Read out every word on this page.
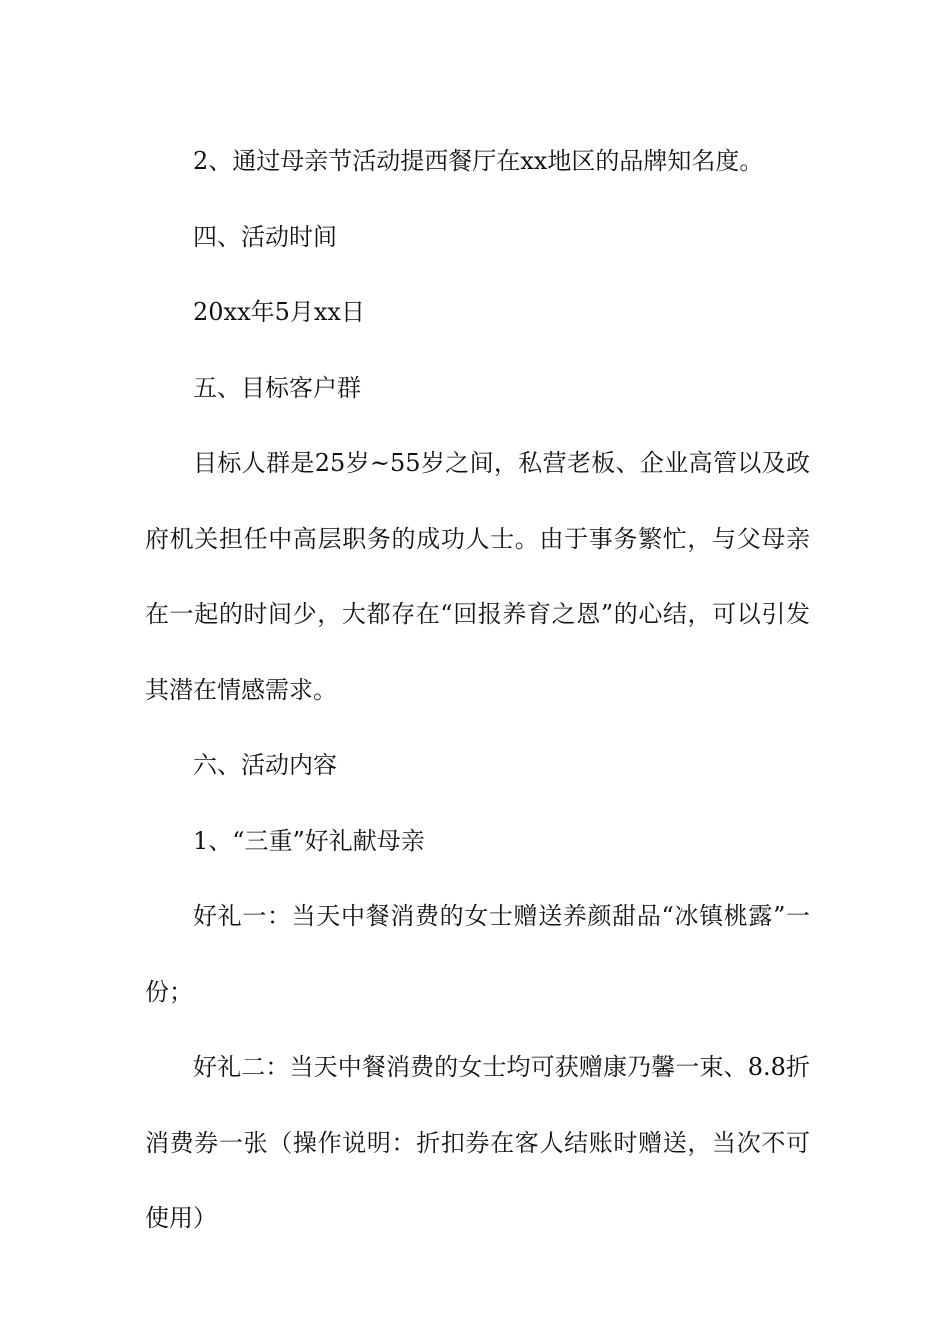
2、通过母亲节活动提西餐厅在xx地区的品牌知名度。

四、活动时间

20xx年5月xx日

五、目标客户群

目标人群是25岁~55岁之间，私营老板、企业高管以及政府机关担任中高层职务的成功人士。由于事务繁忙，与父母亲在一起的时间少，大都存在“回报养育之恩”的心结，可以引发其潜在情感需求。

六、活动内容

1、“三重”好礼献母亲

好礼一：当天中餐消费的女士赠送养颜甜品“冰镇桃露”一份；

好礼二：当天中餐消费的女士均可获赠康乃馨一束、8.8折消费券一张（操作说明：折扣券在客人结账时赠送，当次不可使用）
